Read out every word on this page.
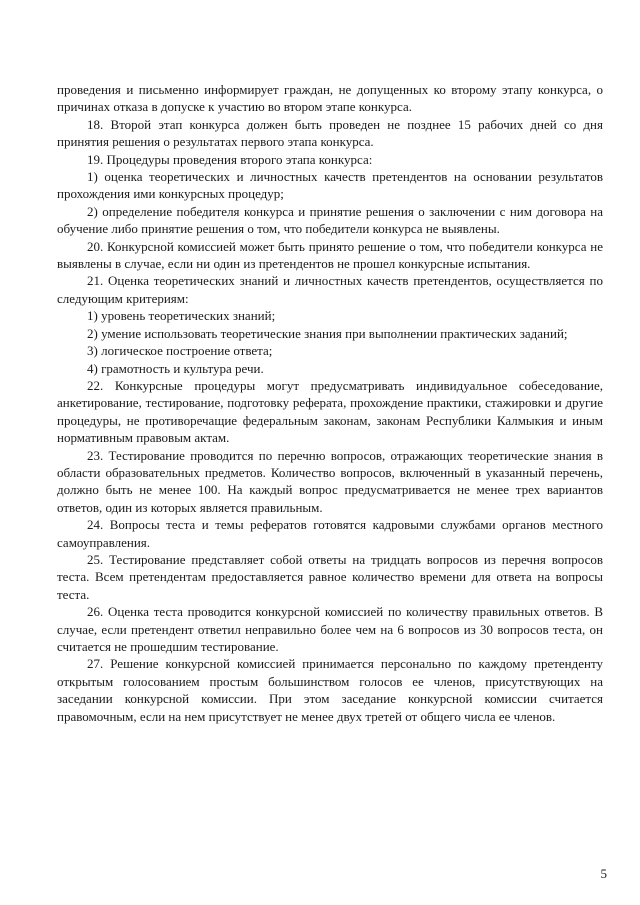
проведения и письменно информирует граждан, не допущенных ко второму этапу конкурса, о причинах отказа в допуске к участию во втором этапе конкурса.

18. Второй этап конкурса должен быть проведен не позднее 15 рабочих дней со дня принятия решения о результатах первого этапа конкурса.

19. Процедуры проведения второго этапа конкурса:

1) оценка теоретических и личностных качеств претендентов на основании результатов прохождения ими конкурсных процедур;

2) определение победителя конкурса и принятие решения о заключении с ним договора на обучение либо принятие решения о том, что победители конкурса не выявлены.

20. Конкурсной комиссией может быть принято решение о том, что победители конкурса не выявлены в случае, если ни один из претендентов не прошел конкурсные испытания.

21. Оценка теоретических знаний и личностных качеств претендентов, осуществляется по следующим критериям:

1) уровень теоретических знаний;

2) умение использовать теоретические знания при выполнении практических заданий;

3) логическое построение ответа;

4) грамотность и культура речи.

22. Конкурсные процедуры могут предусматривать индивидуальное собеседование, анкетирование, тестирование, подготовку реферата, прохождение практики, стажировки и другие процедуры, не противоречащие федеральным законам, законам Республики Калмыкия и иным нормативным правовым актам.

23. Тестирование проводится по перечню вопросов, отражающих теоретические знания в области образовательных предметов. Количество вопросов, включенный в указанный перечень, должно быть не менее 100. На каждый вопрос предусматривается не менее трех вариантов ответов, один из которых является правильным.

24. Вопросы теста и темы рефератов готовятся кадровыми службами органов местного самоуправления.

25. Тестирование представляет собой ответы на тридцать вопросов из перечня вопросов теста. Всем претендентам предоставляется равное количество времени для ответа на вопросы теста.

26. Оценка теста проводится конкурсной комиссией по количеству правильных ответов. В случае, если претендент ответил неправильно более чем на 6 вопросов из 30 вопросов теста, он считается не прошедшим тестирование.

27. Решение конкурсной комиссией принимается персонально по каждому претенденту открытым голосованием простым большинством голосов ее членов, присутствующих на заседании конкурсной комиссии. При этом заседание конкурсной комиссии считается правомочным, если на нем присутствует не менее двух третей от общего числа ее членов.

5
